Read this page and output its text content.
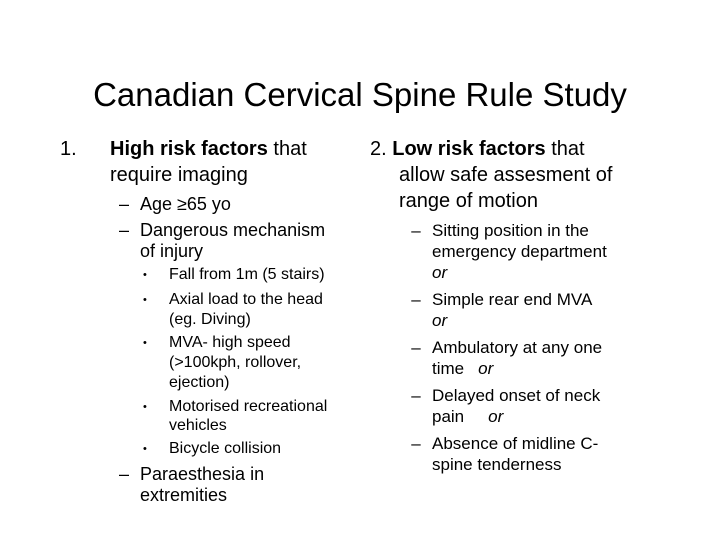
Canadian Cervical Spine Rule Study
1. High risk factors that
require imaging
– Age ≥65 yo
– Dangerous mechanism
of injury
• Fall from 1m (5 stairs)
• Axial load to the head
(eg. Diving)
• MVA- high speed
(>100kph, rollover,
ejection)
• Motorised recreational
vehicles
• Bicycle collision
– Paraesthesia in
extremities
2. Low risk factors that
allow safe assesment of
range of motion
– Sitting position in the
emergency department
or
– Simple rear end MVA
or
– Ambulatory at any one
time or
– Delayed onset of neck
pain or
– Absence of midline C-
spine tenderness
